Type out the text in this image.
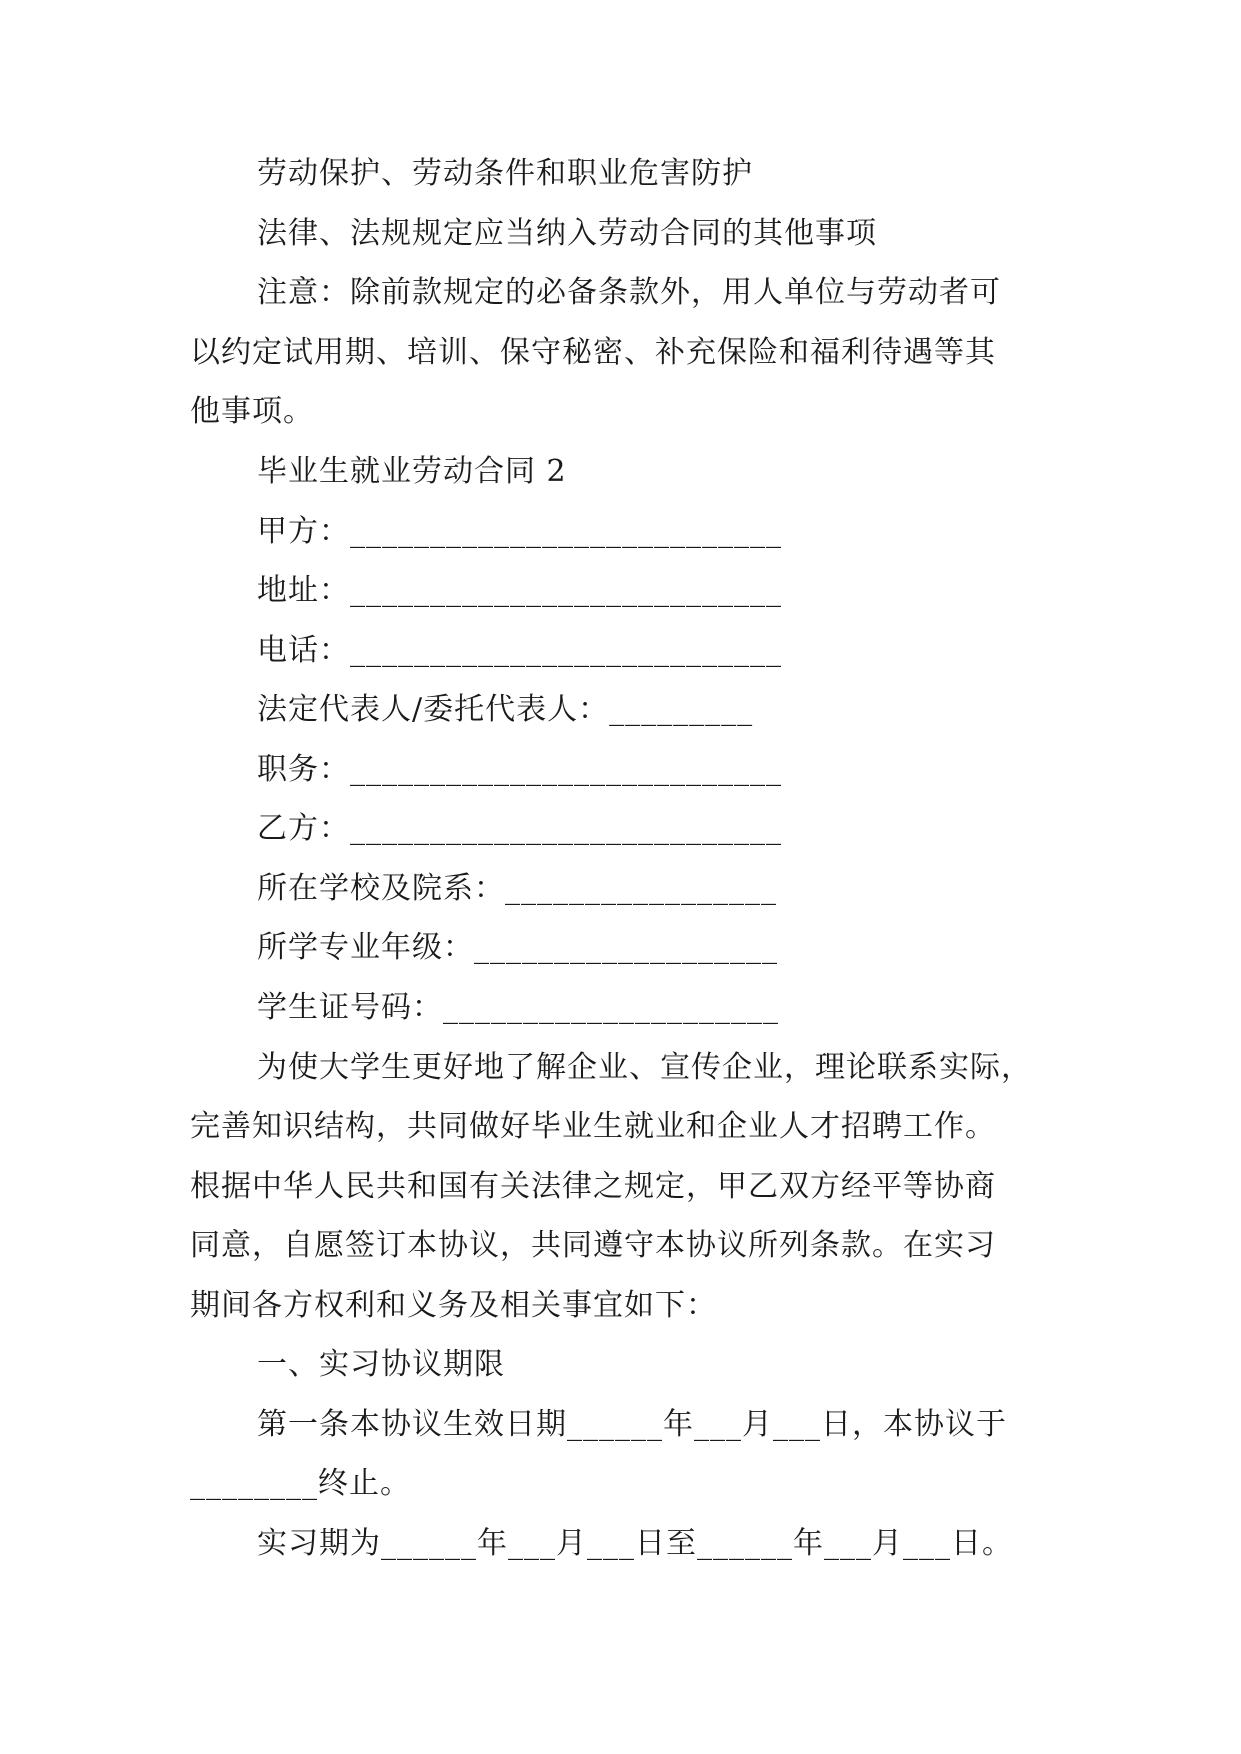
劳动保护、劳动条件和职业危害防护
法律、法规规定应当纳入劳动合同的其他事项
注意：除前款规定的必备条款外，用人单位与劳动者可
以约定试用期、培训、保守秘密、补充保险和福利待遇等其
他事项。
毕业生就业劳动合同 2
甲方：___________________________
地址：___________________________
电话：___________________________
法定代表人/委托代表人：_________
职务：___________________________
乙方：___________________________
所在学校及院系：_________________
所学专业年级：___________________
学生证号码：_____________________
为使大学生更好地了解企业、宣传企业，理论联系实际，
完善知识结构，共同做好毕业生就业和企业人才招聘工作。
根据中华人民共和国有关法律之规定，甲乙双方经平等协商
同意，自愿签订本协议，共同遵守本协议所列条款。在实习
期间各方权利和义务及相关事宜如下：
一、实习协议期限
第一条本协议生效日期______年___月___日，本协议于
________终止。
实习期为______年___月___日至______年___月___日。
